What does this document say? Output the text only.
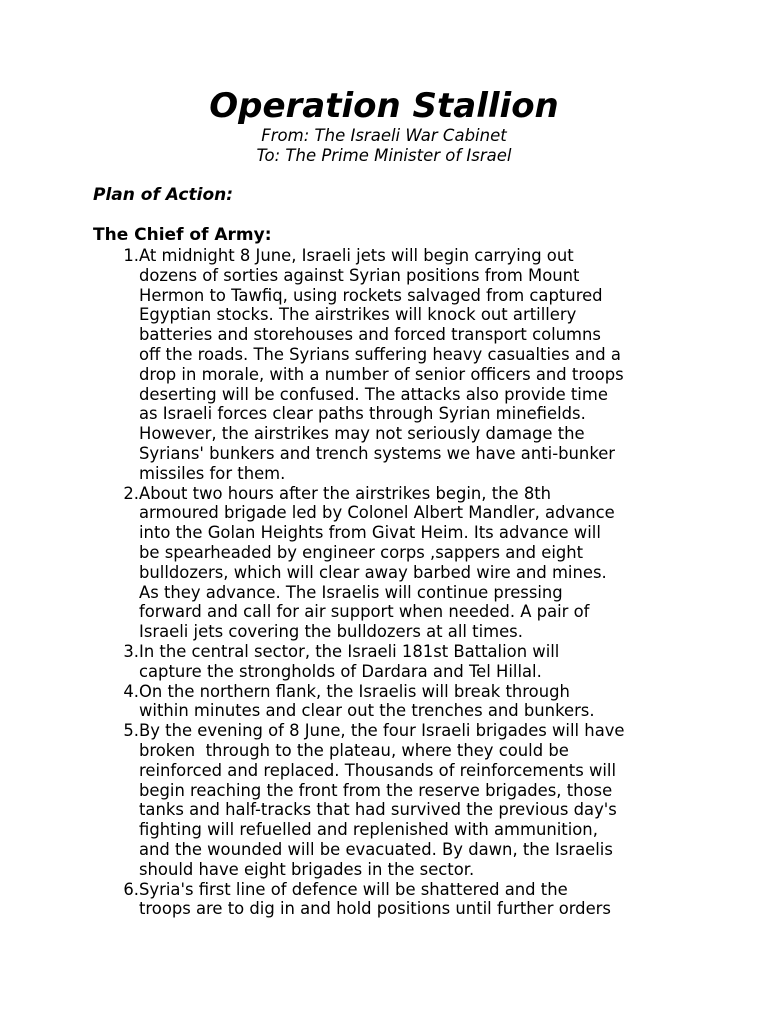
Operation Stallion

From: The Israeli War Cabinet

To: The Prime Minister of Israel

Plan of Action:

The Chief of Army:

1. At midnight 8 June, Israeli jets will begin carrying out
dozens of sorties against Syrian positions from Mount
Hermon to Tawfiq, using rockets salvaged from captured
Egyptian stocks. The airstrikes will knock out artillery
batteries and storehouses and forced transport columns
off the roads. The Syrians suffering heavy casualties and a
drop in morale, with a number of senior officers and troops
deserting will be confused. The attacks also provide time
as Israeli forces clear paths through Syrian minefields.
However, the airstrikes may not seriously damage the
Syrians' bunkers and trench systems we have anti-bunker
missiles for them.
2. About two hours after the airstrikes begin, the 8th
armoured brigade led by Colonel Albert Mandler, advance
into the Golan Heights from Givat Heim. Its advance will
be spearheaded by engineer corps ,sappers and eight
bulldozers, which will clear away barbed wire and mines.
As they advance. The Israelis will continue pressing
forward and call for air support when needed. A pair of
Israeli jets covering the bulldozers at all times.
3. In the central sector, the Israeli 181st Battalion will
capture the strongholds of Dardara and Tel Hillal.
4. On the northern flank, the Israelis will break through
within minutes and clear out the trenches and bunkers.
5. By the evening of 8 June, the four Israeli brigades will have
broken  through to the plateau, where they could be
reinforced and replaced. Thousands of reinforcements will
begin reaching the front from the reserve brigades, those
tanks and half-tracks that had survived the previous day's
fighting will refuelled and replenished with ammunition,
and the wounded will be evacuated. By dawn, the Israelis
should have eight brigades in the sector.
6. Syria's first line of defence will be shattered and the
troops are to dig in and hold positions until further orders
